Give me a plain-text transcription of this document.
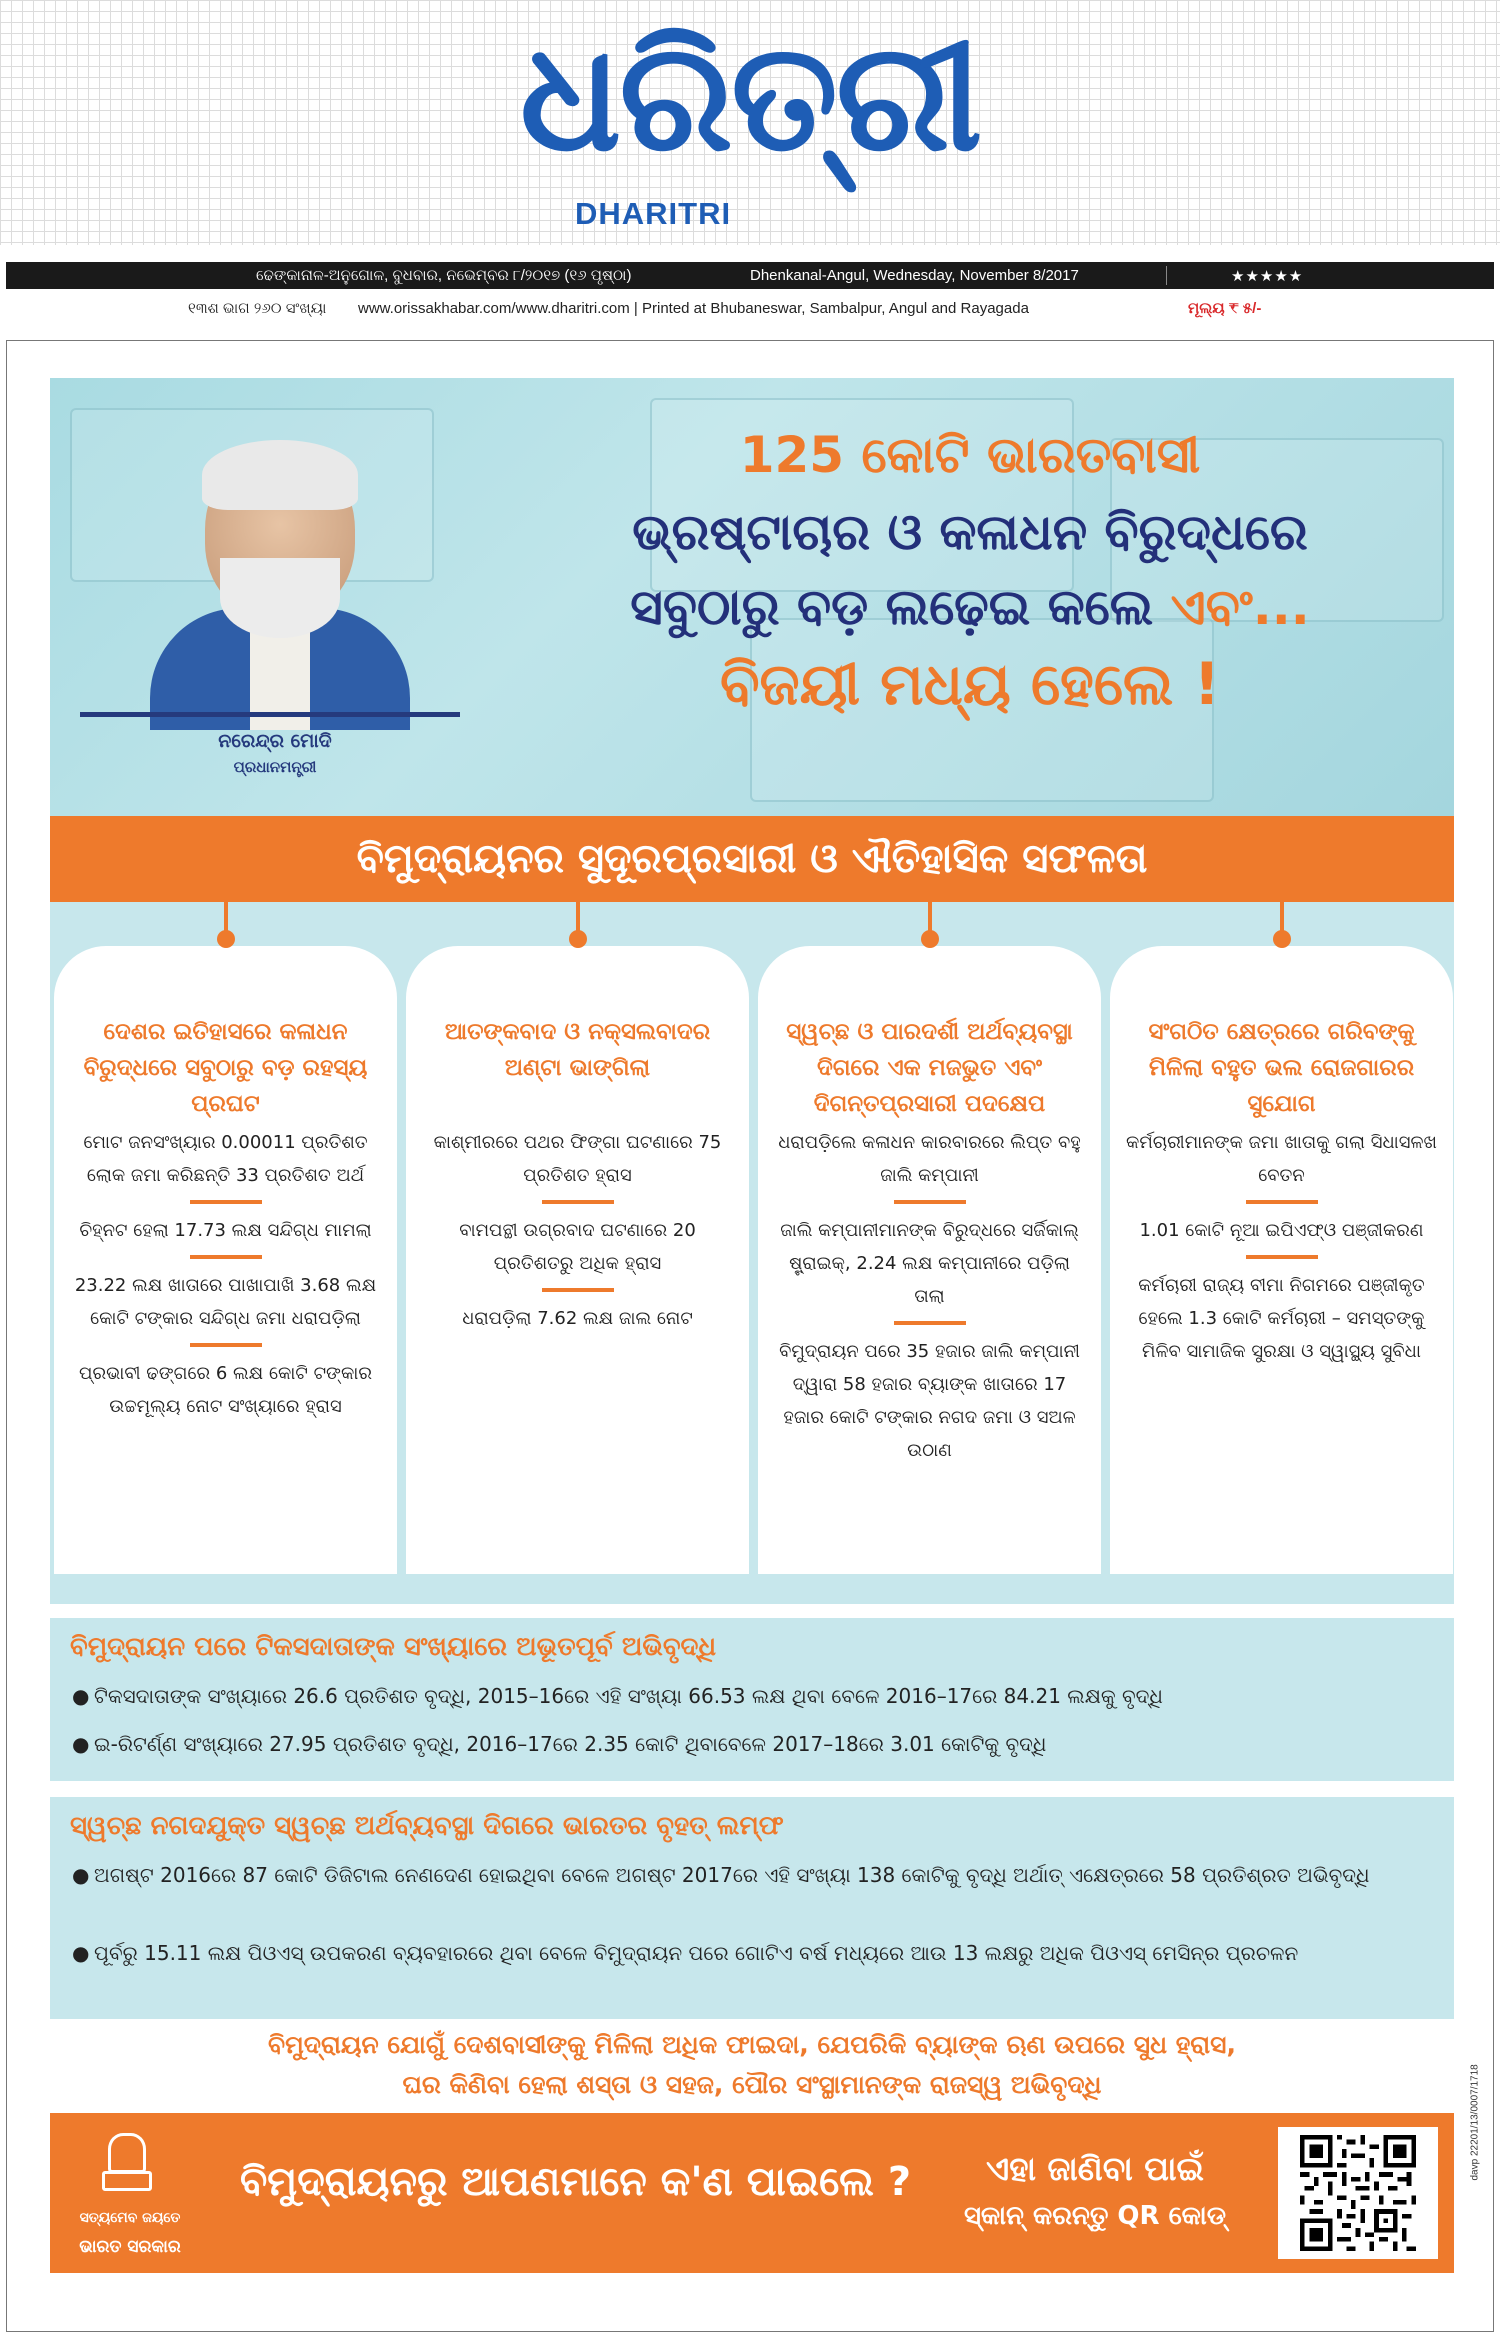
ଧରିତ୍ରୀ
DHARITRI
ଢେଙ୍କାନାଳ-ଅନୁଗୋଳ, ବୁଧବାର, ନଭେମ୍ବର ୮/୨୦୧୭ (୧୬ ପୃଷ୍ଠା)	Dhenkanal-Angul, Wednesday, November 8/2017	★★★★★
୧୩ଶ ଭାଗ ୨୬୦ ସଂଖ୍ୟା www.orissakhabar.com/www.dharitri.com | Printed at Bhubaneswar, Sambalpur, Angul and Rayagada	ମୂଲ୍ୟ ₹ ୫/-
ନରେନ୍ଦ୍ର ମୋଦି
ପ୍ରଧାନମନ୍ତ୍ରୀ
125 କୋଟି ଭାରତବାସୀ
ଭ୍ରଷ୍ଟାଚାର ଓ କଳାଧନ ବିରୁଦ୍ଧରେ
ସବୁଠାରୁ ବଡ଼ ଲଢ଼େଇ କଲେ ଏବଂ...
ବିଜୟୀ ମଧ୍ୟ ହେଲେ !
ବିମୁଦ୍ରାୟନର ସୁଦୂରପ୍ରସାରୀ ଓ ଐତିହାସିକ ସଫଳତା
ଦେଶର ଇତିହାସରେ କଳାଧନ ବିରୁଦ୍ଧରେ ସବୁଠାରୁ ବଡ଼ ରହସ୍ୟ ପ୍ରଘଟ
ମୋଟ ଜନସଂଖ୍ୟାର 0.00011 ପ୍ରତିଶତ ଲୋକ ଜମା କରିଛନ୍ତି 33 ପ୍ରତିଶତ ଅର୍ଥ
ଚିହ୍ନଟ ହେଲା 17.73 ଲକ୍ଷ ସନ୍ଦିଗ୍ଧ ମାମଲା
23.22 ଲକ୍ଷ ଖାତାରେ ପାଖାପାଖି 3.68 ଲକ୍ଷ କୋଟି ଟଙ୍କାର ସନ୍ଦିଗ୍ଧ ଜମା ଧରାପଡ଼ିଲା
ପ୍ରଭାବୀ ଢଙ୍ଗରେ 6 ଲକ୍ଷ କୋଟି ଟଙ୍କାର ଉଚ୍ଚମୂଲ୍ୟ ନୋଟ ସଂଖ୍ୟାରେ ହ୍ରାସ
ଆତଙ୍କବାଦ ଓ ନକ୍ସଲବାଦର ଅଣ୍ଟା ଭାଙ୍ଗିଲା
କାଶ୍ମୀରରେ ପଥର ଫିଙ୍ଗା ଘଟଣାରେ 75 ପ୍ରତିଶତ ହ୍ରାସ
ବାମପନ୍ଥୀ ଉଗ୍ରବାଦ ଘଟଣାରେ 20 ପ୍ରତିଶତରୁ ଅଧିକ ହ୍ରାସ
ଧରାପଡ଼ିଲା 7.62 ଲକ୍ଷ ଜାଲ ନୋଟ
ସ୍ୱଚ୍ଛ ଓ ପାରଦର୍ଶୀ ଅର୍ଥବ୍ୟବସ୍ଥା ଦିଗରେ ଏକ ମଜଭୁତ ଏବଂ ଦିଗନ୍ତପ୍ରସାରୀ ପଦକ୍ଷେପ
ଧରାପଡ଼ିଲେ କଳାଧନ କାରବାରରେ ଲିପ୍ତ ବହୁ ଜାଲି କମ୍ପାନୀ
ଜାଲି କମ୍ପାନୀମାନଙ୍କ ବିରୁଦ୍ଧରେ ସର୍ଜିକାଲ୍ ଷ୍ଟ୍ରାଇକ୍, 2.24 ଲକ୍ଷ କମ୍ପାନୀରେ ପଡ଼ିଲା ତାଲା
ବିମୁଦ୍ରାୟନ ପରେ 35 ହଜାର ଜାଲି କମ୍ପାନୀ ଦ୍ୱାରା 58 ହଜାର ବ୍ୟାଙ୍କ ଖାତାରେ 17 ହଜାର କୋଟି ଟଙ୍କାର ନଗଦ ଜମା ଓ ସଅଳ ଉଠାଣ
ସଂଗଠିତ କ୍ଷେତ୍ରରେ ଗରିବଙ୍କୁ ମିଳିଲା ବହୁତ ଭଲ ରୋଜଗାରର ସୁଯୋଗ
କର୍ମଚାରୀମାନଙ୍କ ଜମା ଖାତାକୁ ଗଲା ସିଧାସଳଖ ବେତନ
1.01 କୋଟି ନୂଆ ଇପିଏଫ୍ଓ ପଞ୍ଜୀକରଣ
କର୍ମଚାରୀ ରାଜ୍ୟ ବୀମା ନିଗମରେ ପଞ୍ଜୀକୃତ ହେଲେ 1.3 କୋଟି କର୍ମଚାରୀ – ସମସ୍ତଙ୍କୁ ମିଳିବ ସାମାଜିକ ସୁରକ୍ଷା ଓ ସ୍ୱାସ୍ଥ୍ୟ ସୁବିଧା
ବିମୁଦ୍ରାୟନ ପରେ ଟିକସଦାତାଙ୍କ ସଂଖ୍ୟାରେ ଅଭୂତପୂର୍ବ ଅଭିବୃଦ୍ଧି
● ଟିକସଦାତାଙ୍କ ସଂଖ୍ୟାରେ 26.6 ପ୍ରତିଶତ ବୃଦ୍ଧି, 2015–16ରେ ଏହି ସଂଖ୍ୟା 66.53 ଲକ୍ଷ ଥିବା ବେଳେ 2016–17ରେ 84.21 ଲକ୍ଷକୁ ବୃଦ୍ଧି
● ଇ-ରିଟର୍ଣ୍ଣ ସଂଖ୍ୟାରେ 27.95 ପ୍ରତିଶତ ବୃଦ୍ଧି, 2016–17ରେ 2.35 କୋଟି ଥିବାବେଳେ 2017–18ରେ 3.01 କୋଟିକୁ ବୃଦ୍ଧି
ସ୍ୱଚ୍ଛ ନଗଦଯୁକ୍ତ ସ୍ୱଚ୍ଛ ଅର୍ଥବ୍ୟବସ୍ଥା ଦିଗରେ ଭାରତର ବୃହତ୍ ଲମ୍ଫ
● ଅଗଷ୍ଟ 2016ରେ 87 କୋଟି ଡିଜିଟାଲ ନେଣଦେଣ ହୋଇଥିବା ବେଳେ ଅଗଷ୍ଟ 2017ରେ ଏହି ସଂଖ୍ୟା 138 କୋଟିକୁ ବୃଦ୍ଧି ଅର୍ଥାତ୍ ଏକ୍ଷେତ୍ରରେ 58 ପ୍ରତିଶ୍ରତ ଅଭିବୃଦ୍ଧି
● ପୂର୍ବରୁ 15.11 ଲକ୍ଷ ପିଓଏସ୍ ଉପକରଣ ବ୍ୟବହାରରେ ଥିବା ବେଳେ ବିମୁଦ୍ରାୟନ ପରେ ଗୋଟିଏ ବର୍ଷ ମଧ୍ୟରେ ଆଉ 13 ଲକ୍ଷରୁ ଅଧିକ ପିଓଏସ୍ ମେସିନ୍‌ର ପ୍ରଚଳନ
ବିମୁଦ୍ରାୟନ ଯୋଗୁଁ ଦେଶବାସୀଙ୍କୁ ମିଳିଲା ଅଧିକ ଫାଇଦା, ଯେପରିକି ବ୍ୟାଙ୍କ ଋଣ ଉପରେ ସୁଧ ହ୍ରାସ,
ଘର କିଣିବା ହେଲା ଶସ୍ତା ଓ ସହଜ, ପୌର ସଂସ୍ଥାମାନଙ୍କ ରାଜସ୍ୱ ଅଭିବୃଦ୍ଧି
ସତ୍ୟମେବ ଜୟତେ
ଭାରତ ସରକାର
ବିମୁଦ୍ରାୟନରୁ ଆପଣମାନେ କ'ଣ ପାଇଲେ ?	ଏହା ଜାଣିବା ପାଇଁ
ସ୍କାନ୍ କରନ୍ତୁ QR କୋଡ୍
davp 22201/13/0007/1718
